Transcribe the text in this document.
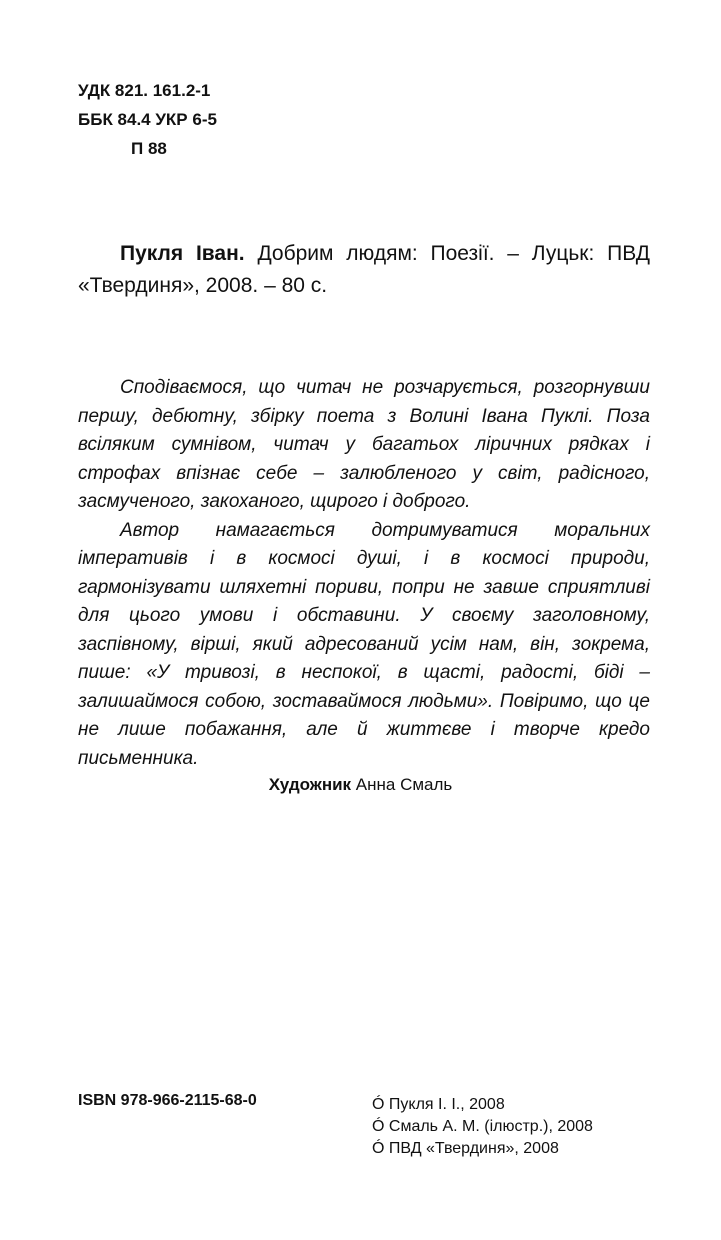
УДК 821. 161.2-1
ББК 84.4 УКР 6-5
П 88
Пукля Іван. Добрим людям: Поезії. – Луцьк: ПВД «Твердиня», 2008. – 80 с.

Сподіваємося, що читач не розчарується, розгорнувши першу, дебютну, збірку поета з Волині Івана Пуклі. Поза всіляким сумнівом, читач у багатьох ліричних рядках і строфах впізнає себе – залюбленого у світ, радісного, засмученого, закоханого, щирого і доброго.

Автор намагається дотримуватися моральних імперативів і в космосі душі, і в космосі природи, гармонізувати шляхетні пориви, попри не завше сприятливі для цього умови і обставини. У своєму заголовному, заспівному, вірші, який адресований усім нам, він, зокрема, пише: «У тривозі, в неспокої, в щасті, радості, біді – залишаймося собою, зоставаймося людьми». Повіримо, що це не лише побажання, але й життєве і творче кредо письменника.

Художник Анна Смаль
ISBN 978-966-2115-68-0	Ó Пукля І. І., 2008
Ó Смаль А. М. (ілюстр.), 2008
Ó ПВД «Твердиня», 2008
